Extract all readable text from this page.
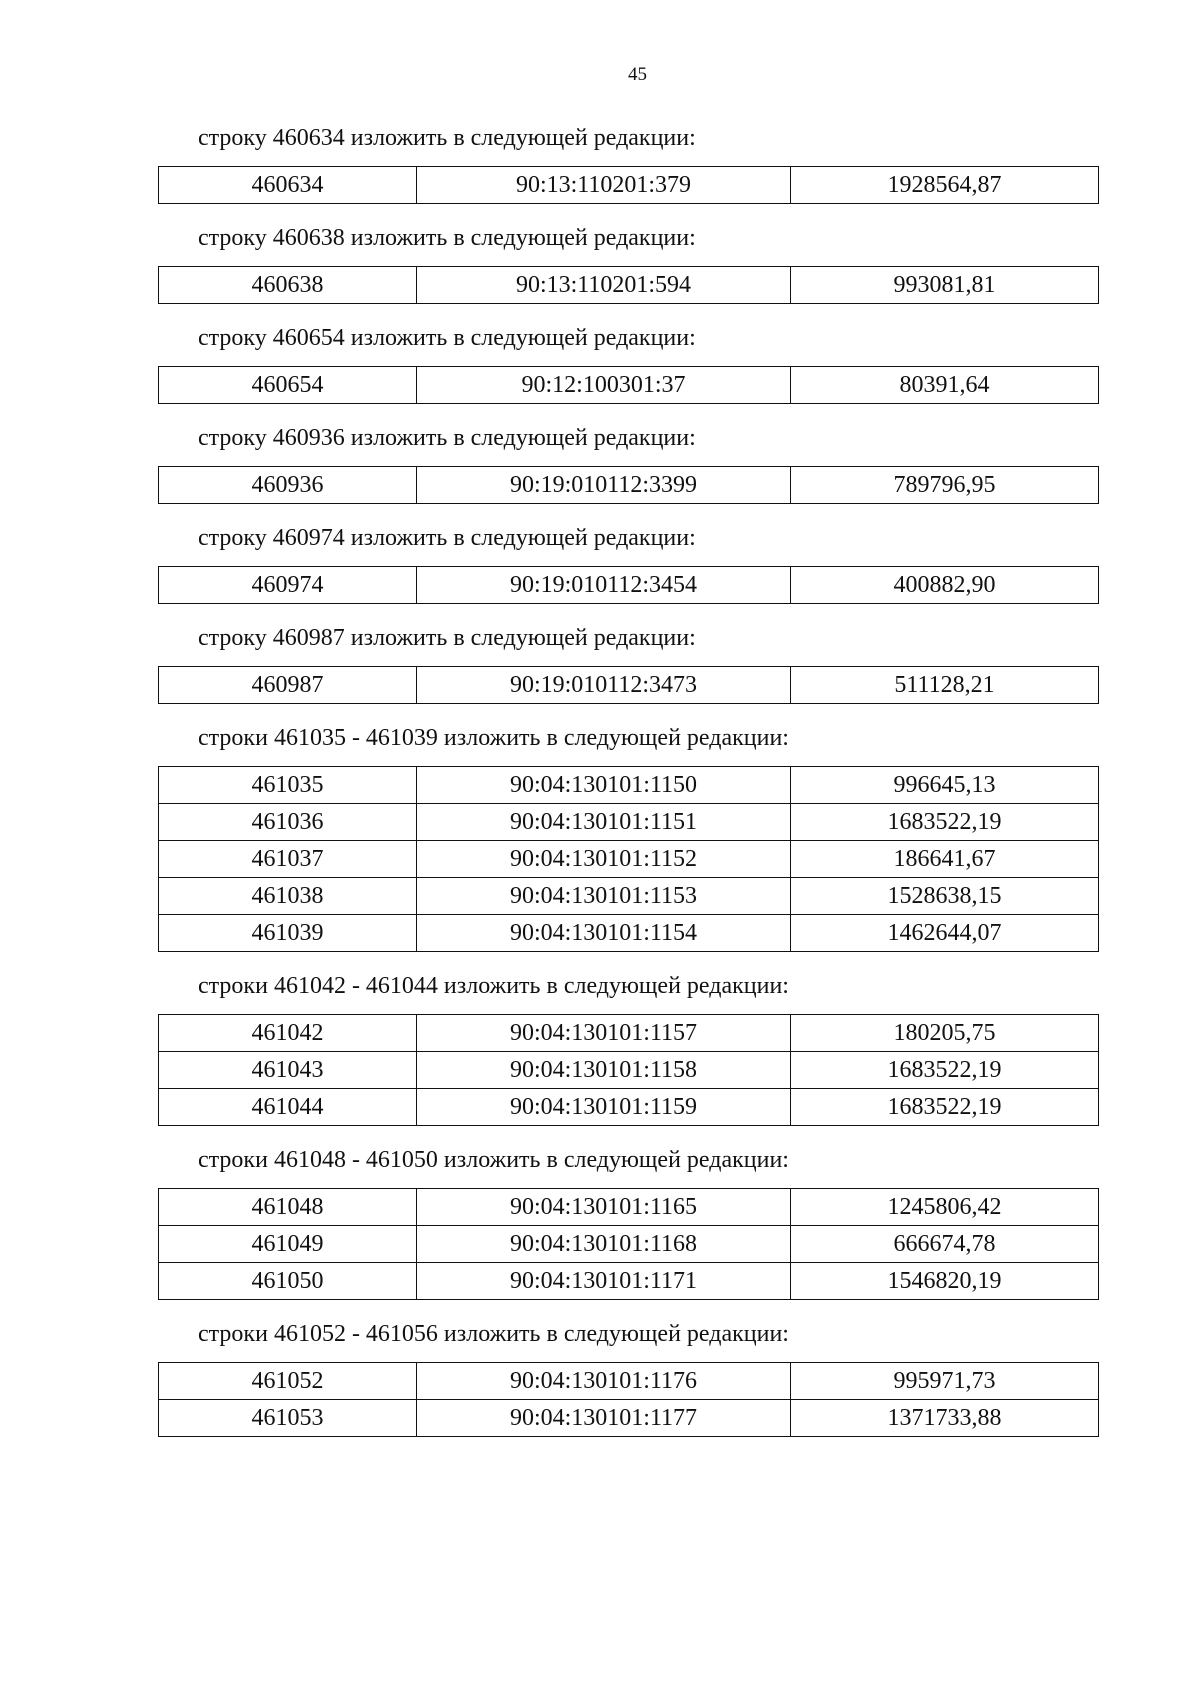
45
строку 460634 изложить в следующей редакции:
460634	90:13:110201:379	1928564,87
строку 460638 изложить в следующей редакции:
460638	90:13:110201:594	993081,81
строку 460654 изложить в следующей редакции:
460654	90:12:100301:37	80391,64
строку 460936 изложить в следующей редакции:
460936	90:19:010112:3399	789796,95
строку 460974 изложить в следующей редакции:
460974	90:19:010112:3454	400882,90
строку 460987 изложить в следующей редакции:
460987	90:19:010112:3473	511128,21
строки 461035 - 461039 изложить в следующей редакции:
461035	90:04:130101:1150	996645,13
461036	90:04:130101:1151	1683522,19
461037	90:04:130101:1152	186641,67
461038	90:04:130101:1153	1528638,15
461039	90:04:130101:1154	1462644,07
строки 461042 - 461044 изложить в следующей редакции:
461042	90:04:130101:1157	180205,75
461043	90:04:130101:1158	1683522,19
461044	90:04:130101:1159	1683522,19
строки 461048 - 461050 изложить в следующей редакции:
461048	90:04:130101:1165	1245806,42
461049	90:04:130101:1168	666674,78
461050	90:04:130101:1171	1546820,19
строки 461052 - 461056 изложить в следующей редакции:
461052	90:04:130101:1176	995971,73
461053	90:04:130101:1177	1371733,88
